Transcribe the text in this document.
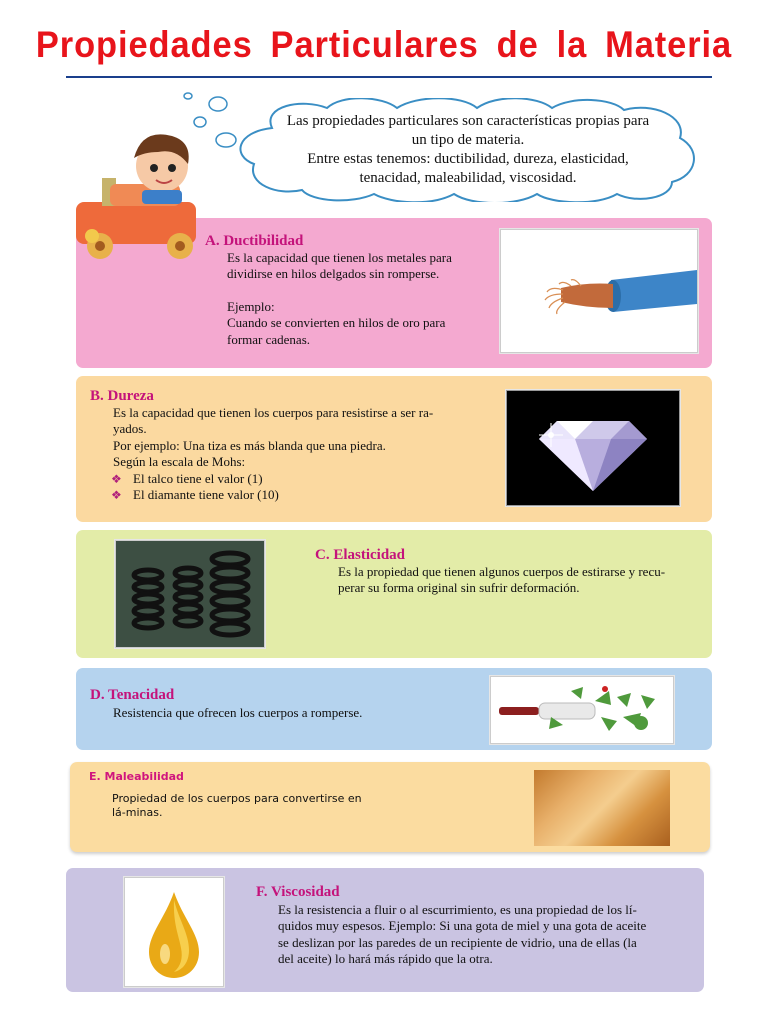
Propiedades Particulares de la Materia
Las propiedades particulares son características propias para
un tipo de materia.
Entre estas tenemos: ductibilidad, dureza, elasticidad,
tenacidad, maleabilidad, viscosidad.
A. Ductibilidad

Es la capacidad que tienen los metales para

dividirse en hilos delgados sin romperse.

Ejemplo:

Cuando se convierten en hilos de oro para

formar cadenas.

B. Dureza

Es la capacidad que tienen los cuerpos para resistirse a ser ra-

yados.

Por ejemplo: Una tiza es más blanda que una piedra.

Según la escala de Mohs:

❖ El talco tiene el valor (1)
❖ El diamante tiene valor (10)
C. Elasticidad

Es la propiedad que tienen algunos cuerpos de estirarse y recu-

perar su forma original sin sufrir deformación.

D. Tenacidad

Resistencia que ofrecen los cuerpos a romperse.

E. Maleabilidad

Propiedad de los cuerpos para convertirse en

lá-minas.

F. Viscosidad

Es la resistencia a fluir o al escurrimiento, es una propiedad de los lí-

quidos muy espesos. Ejemplo: Si una gota de miel y una gota de aceite

se deslizan por las paredes de un recipiente de vidrio, una de ellas (la

del aceite) lo hará más rápido que la otra.
